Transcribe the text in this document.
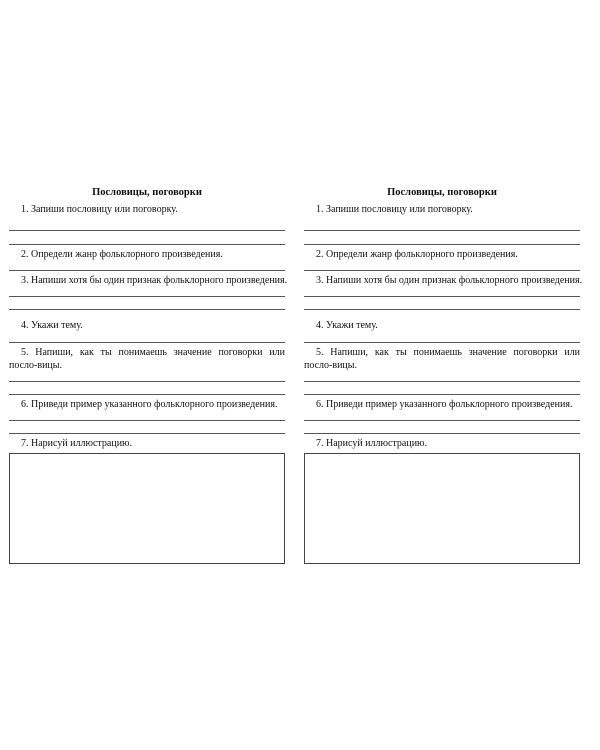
Пословицы, поговорки

1. Запиши пословицу или поговорку.

2. Определи жанр фольклорного произведения.

3. Напиши хотя бы один признак фольклорного произведения.

4. Укажи тему.

5. Напиши, как ты понимаешь значение поговорки или посло-вицы.

6. Приведи пример указанного фольклорного произведения.

7. Нарисуй иллюстрацию.

Пословицы, поговорки

1. Запиши пословицу или поговорку.

2. Определи жанр фольклорного произведения.

3. Напиши хотя бы один признак фольклорного произведения.

4. Укажи тему.

5. Напиши, как ты понимаешь значение поговорки или посло-вицы.

6. Приведи пример указанного фольклорного произведения.

7. Нарисуй иллюстрацию.
